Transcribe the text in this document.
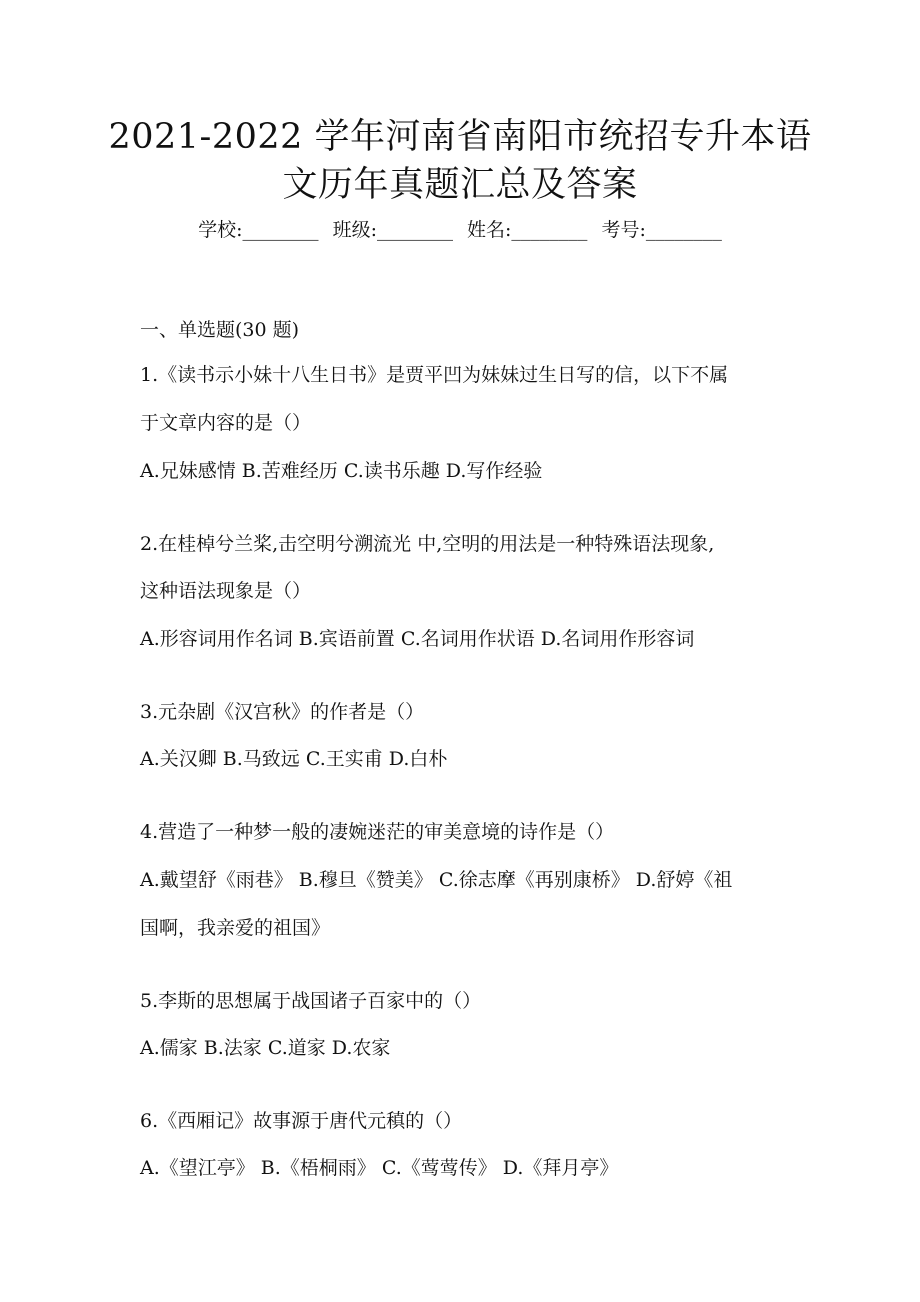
2021-2022 学年河南省南阳市统招专升本语
文历年真题汇总及答案
学校:________ 班级:________ 姓名:________ 考号:________
一、单选题(30 题)
1.《读书示小妹十八生日书》是贾平凹为妹妹过生日写的信，以下不属
于文章内容的是（）
A.兄妹感情 B.苦难经历 C.读书乐趣 D.写作经验
2.在桂棹兮兰桨,击空明兮溯流光 中,空明的用法是一种特殊语法现象,
这种语法现象是（）
A.形容词用作名词 B.宾语前置 C.名词用作状语 D.名词用作形容词
3.元杂剧《汉宫秋》的作者是（）
A.关汉卿 B.马致远 C.王实甫 D.白朴
4.营造了一种梦一般的凄婉迷茫的审美意境的诗作是（）
A.戴望舒《雨巷》 B.穆旦《赞美》 C.徐志摩《再别康桥》 D.舒婷《祖
国啊，我亲爱的祖国》
5.李斯的思想属于战国诸子百家中的（）
A.儒家 B.法家 C.道家 D.农家
6.《西厢记》故事源于唐代元稹的（）
A.《望江亭》 B.《梧桐雨》 C.《莺莺传》 D.《拜月亭》
